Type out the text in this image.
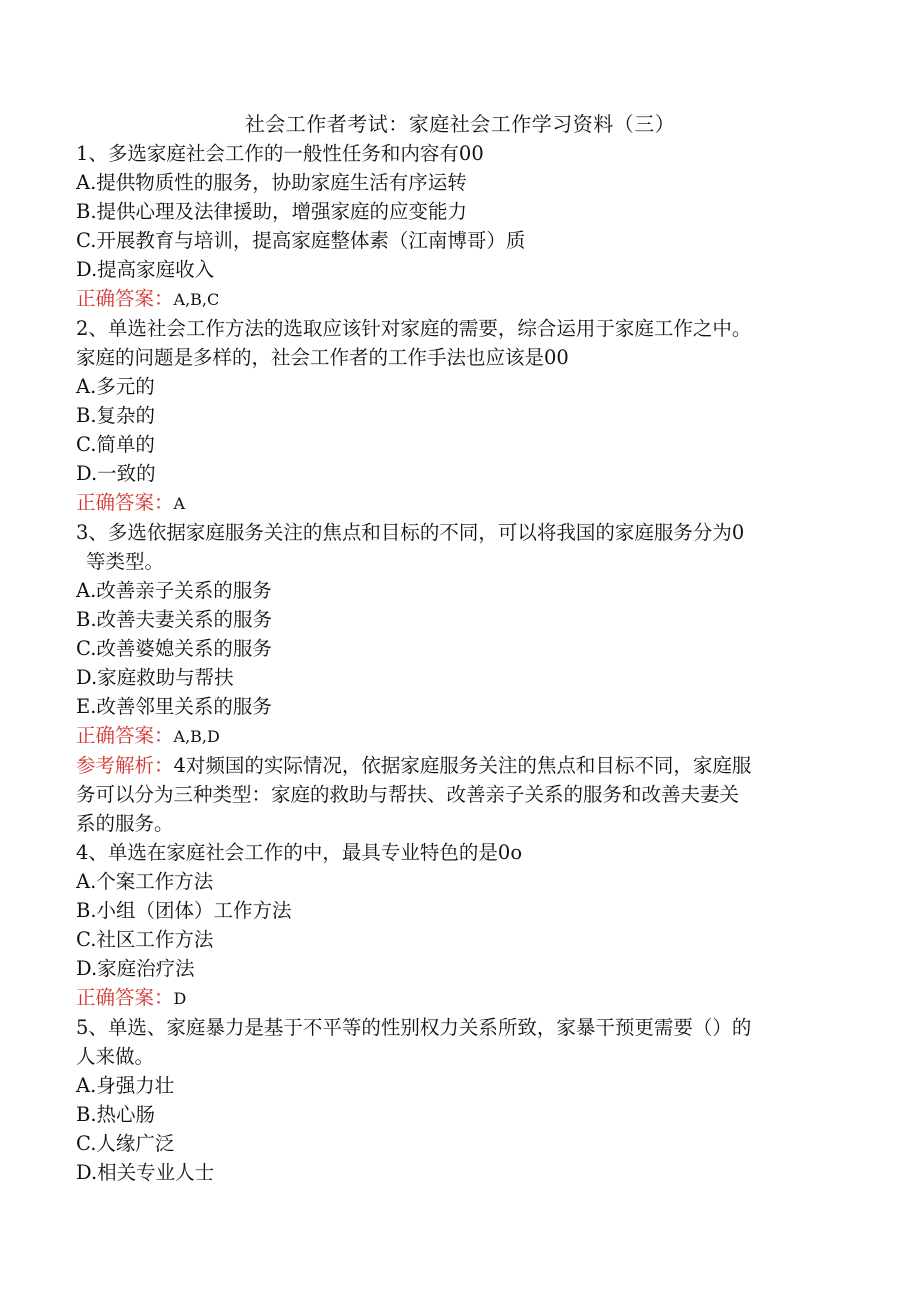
社会工作者考试：家庭社会工作学习资料（三）
1、多选家庭社会工作的一般性任务和内容有00
A.提供物质性的服务，协助家庭生活有序运转
B.提供心理及法律援助，增强家庭的应变能力
C.开展教育与培训，提高家庭整体素（江南博哥）质
D.提高家庭收入
正确答案：A,B,C
2、单选社会工作方法的选取应该针对家庭的需要，综合运用于家庭工作之中。
家庭的问题是多样的，社会工作者的工作手法也应该是00
A.多元的
B.复杂的
C.简单的
D.一致的
正确答案：A
3、多选依据家庭服务关注的焦点和目标的不同，可以将我国的家庭服务分为0
等类型。
A.改善亲子关系的服务
B.改善夫妻关系的服务
C.改善婆媳关系的服务
D.家庭救助与帮扶
E.改善邻里关系的服务
正确答案：A,B,D
参考解析：4对频国的实际情况，依据家庭服务关注的焦点和目标不同，家庭服
务可以分为三种类型：家庭的救助与帮扶、改善亲子关系的服务和改善夫妻关
系的服务。
4、单选在家庭社会工作的中，最具专业特色的是0o
A.个案工作方法
B.小组（团体）工作方法
C.社区工作方法
D.家庭治疗法
正确答案：D
5、单选、家庭暴力是基于不平等的性别权力关系所致，家暴干预更需要（）的
人来做。
A.身强力壮
B.热心肠
C.人缘广泛
D.相关专业人士
